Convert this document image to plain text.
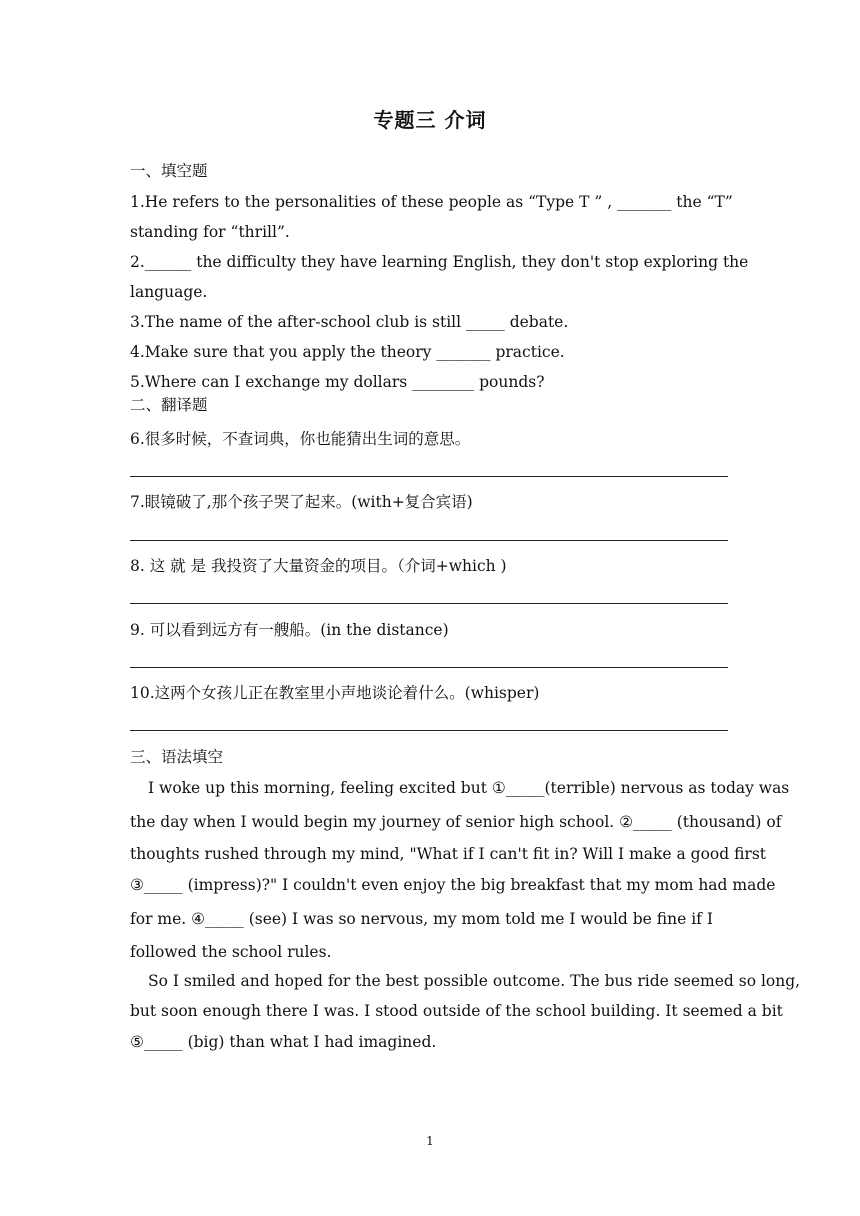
专题三 介词
一、填空题
1.He refers to the personalities of these people as “Type T ” , _______ the “T”
standing for “thrill”.
2.______ the difficulty they have learning English, they don't stop exploring the
language.
3.The name of the after-school club is still _____ debate.
4.Make sure that you apply the theory _______ practice.
5.Where can I exchange my dollars ________ pounds?
二、翻译题
6.很多时候，不查词典，你也能猜出生词的意思。
7.眼镜破了,那个孩子哭了起来。(with+复合宾语)
8. 这 就 是 我投资了大量资金的项目。（介词+which )
9. 可以看到远方有一艘船。(in the distance)
10.这两个女孩儿正在教室里小声地谈论着什么。(whisper)
三、语法填空
I woke up this morning, feeling excited but ①_____(terrible) nervous as today was
the day when I would begin my journey of senior high school. ②_____ (thousand) of
thoughts rushed through my mind, "What if I can't fit in? Will I make a good first
③_____ (impress)?" I couldn't even enjoy the big breakfast that my mom had made
for me. ④_____ (see) I was so nervous, my mom told me I would be fine if I
followed the school rules.
So I smiled and hoped for the best possible outcome. The bus ride seemed so long,
but soon enough there I was. I stood outside of the school building. It seemed a bit
⑤_____ (big) than what I had imagined.
1
